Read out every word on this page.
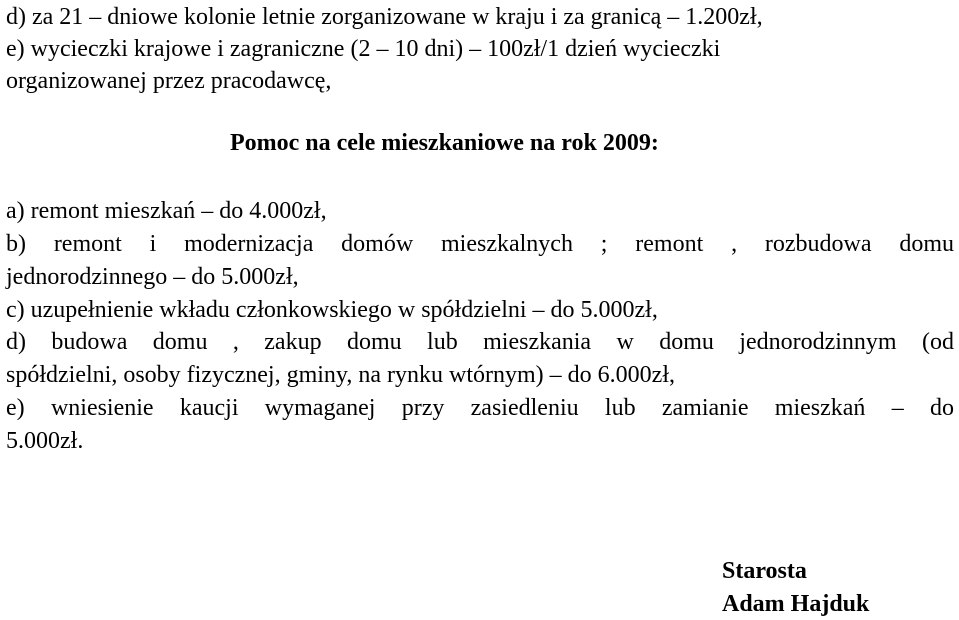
d) za 21 – dniowe kolonie letnie zorganizowane w kraju i za granicą – 1.200zł,
e) wycieczki krajowe i zagraniczne (2 – 10 dni) – 100zł/1 dzień wycieczki
organizowanej przez pracodawcę,
Pomoc na cele mieszkaniowe na rok 2009:
a) remont mieszkań – do 4.000zł,
b) remont i modernizacja domów mieszkalnych ; remont , rozbudowa domu
jednorodzinnego – do 5.000zł,
c) uzupełnienie wkładu członkowskiego w spółdzielni – do 5.000zł,
d) budowa domu , zakup domu lub mieszkania w domu jednorodzinnym (od
spółdzielni, osoby fizycznej, gminy, na rynku wtórnym) – do 6.000zł,
e) wniesienie kaucji wymaganej przy zasiedleniu lub zamianie mieszkań – do
5.000zł.
Starosta
Adam Hajduk
